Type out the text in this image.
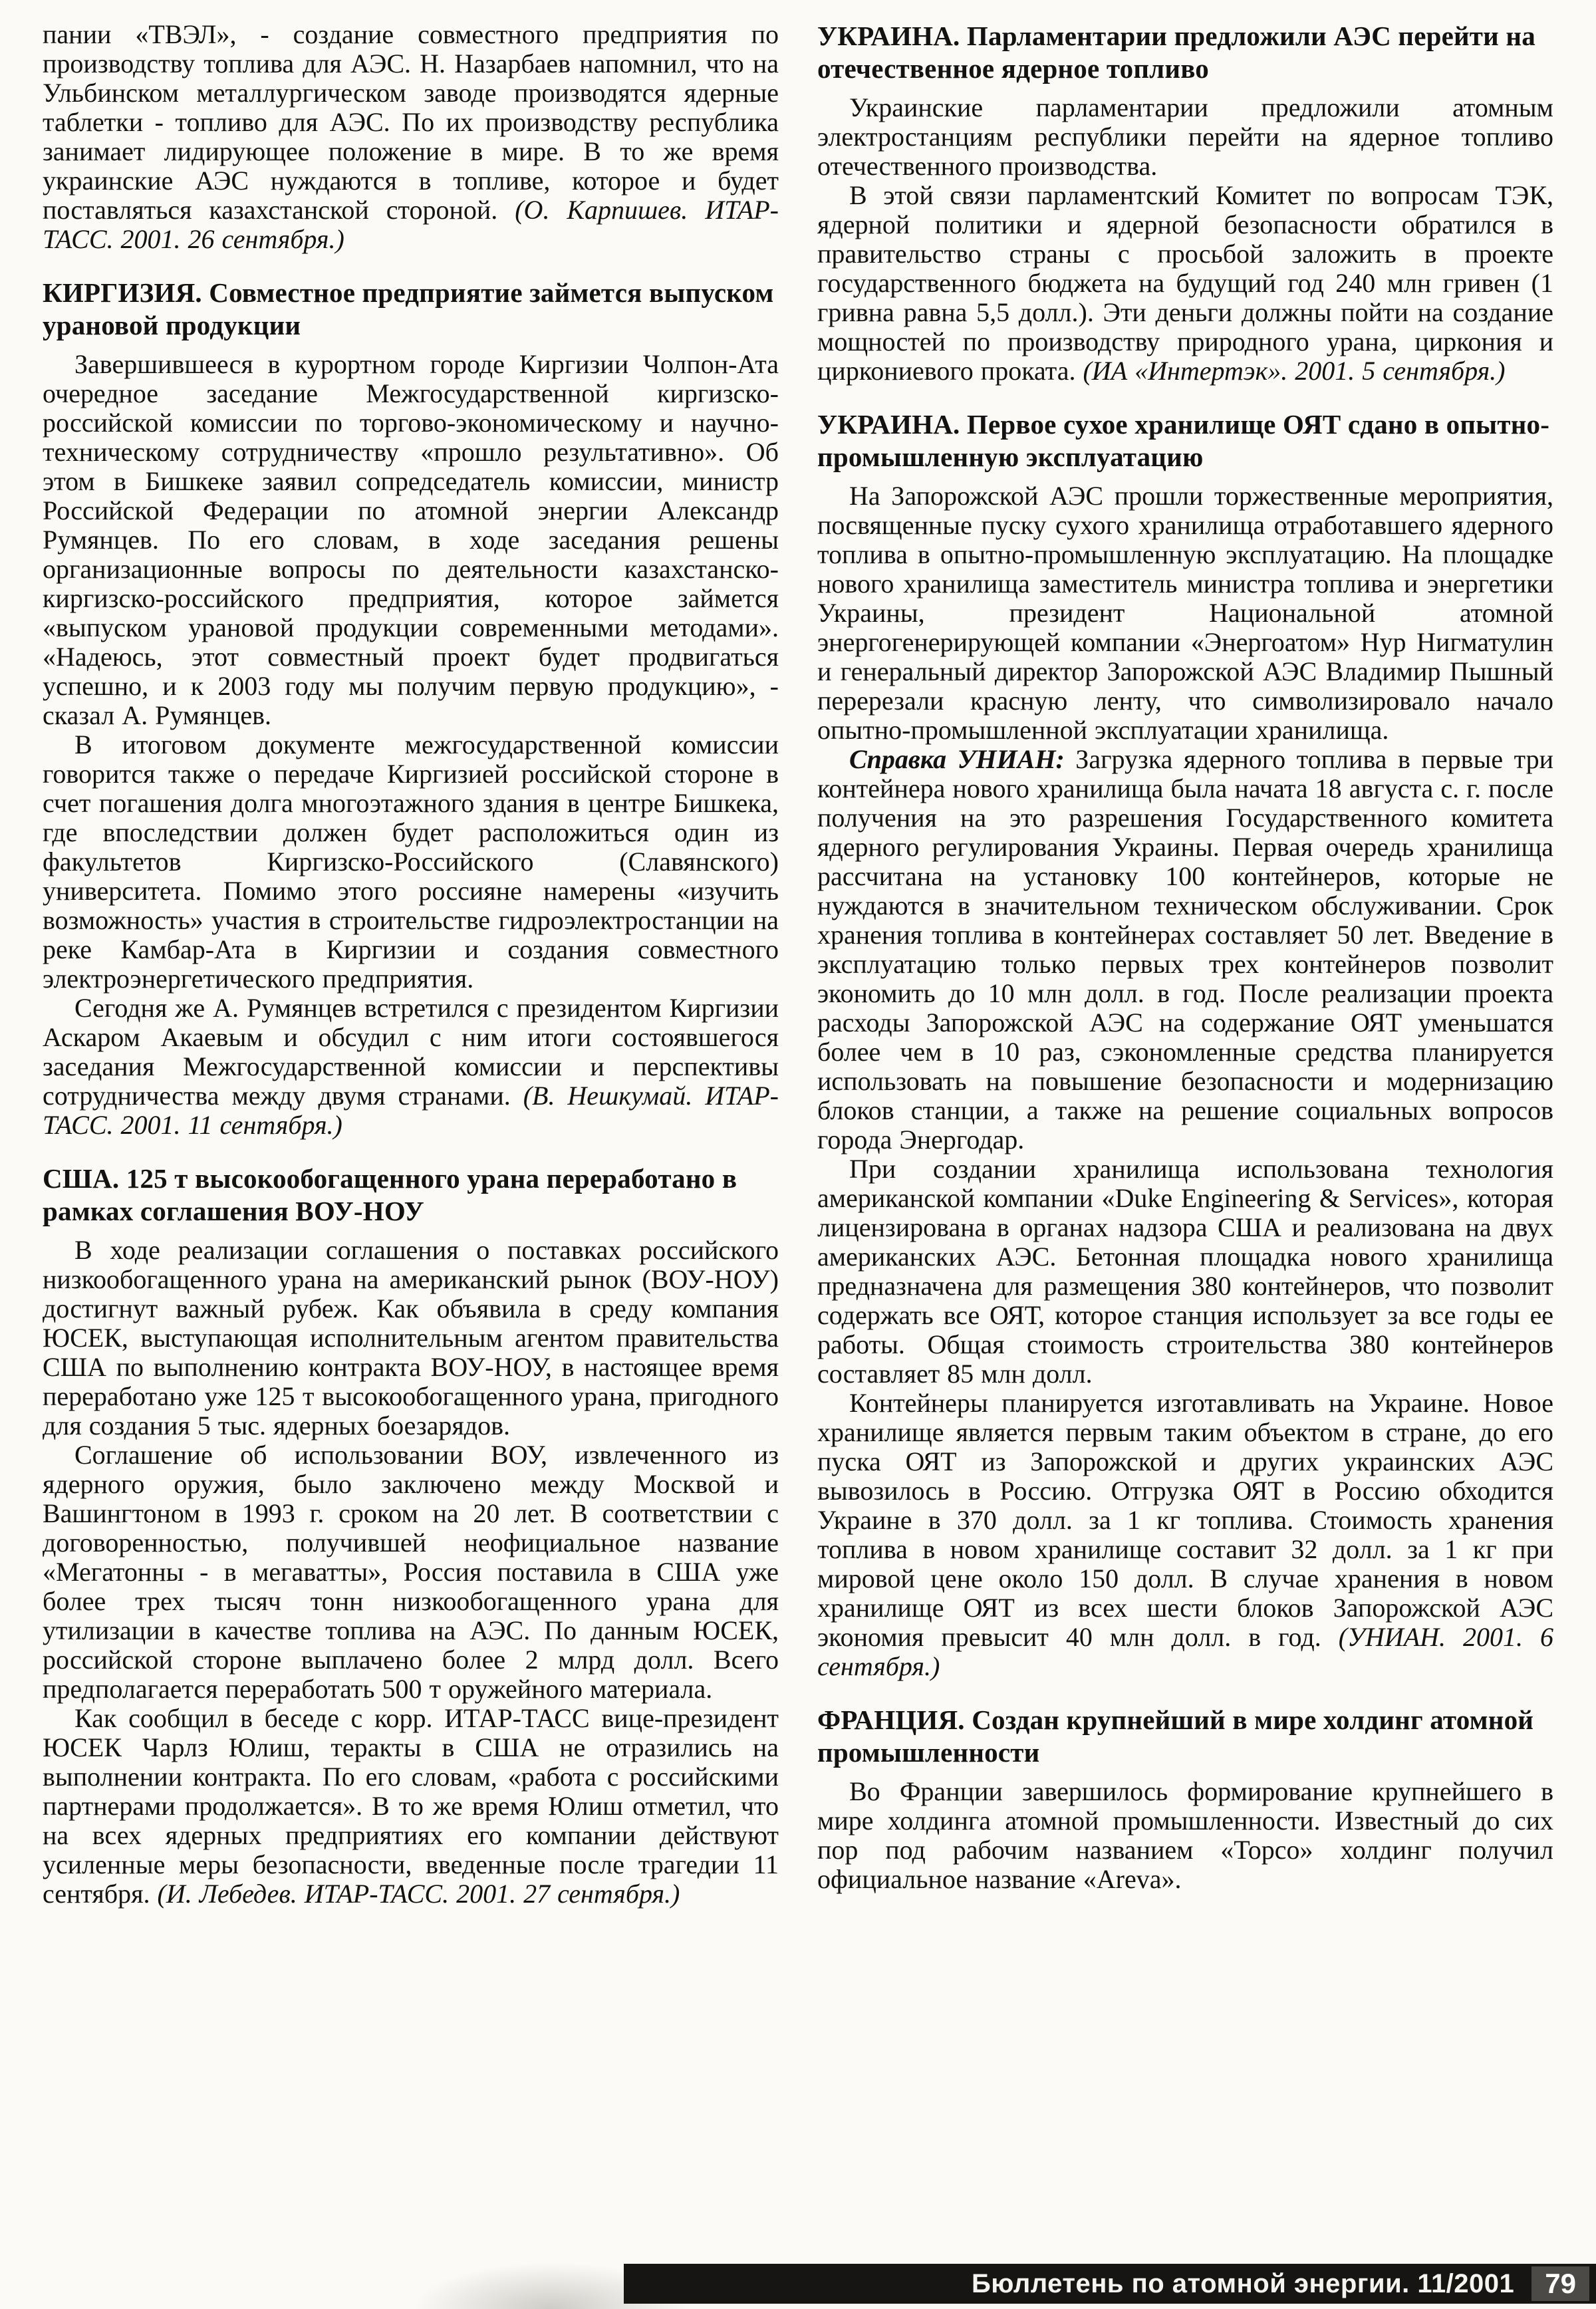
пании «ТВЭЛ», - создание совместного предприятия по производству топлива для АЭС. Н. Назарбаев напомнил, что на Ульбинском металлургическом заводе производятся ядерные таблетки - топливо для АЭС. По их производству республика занимает лидирующее положение в мире. В то же время украинские АЭС нуждаются в топливе, которое и будет поставляться казахстанской стороной. (О. Карпишев. ИТАР-ТАСС. 2001. 26 сентября.)

КИРГИЗИЯ. Совместное предприятие займется выпуском урановой продукции

Завершившееся в курортном городе Киргизии Чолпон-Ата очередное заседание Межгосударственной киргизско-российской комиссии по торгово-экономическому и научно-техническому сотрудничеству «прошло результативно». Об этом в Бишкеке заявил сопредседатель комиссии, министр Российской Федерации по атомной энергии Александр Румянцев. По его словам, в ходе заседания решены организационные вопросы по деятельности казахстанско-киргизско-российского предприятия, которое займется «выпуском урановой продукции современными методами». «Надеюсь, этот совместный проект будет продвигаться успешно, и к 2003 году мы получим первую продукцию», - сказал А. Румянцев.

В итоговом документе межгосударственной комиссии говорится также о передаче Киргизией российской стороне в счет погашения долга многоэтажного здания в центре Бишкека, где впоследствии должен будет расположиться один из факультетов Киргизско-Российского (Славянского) университета. Помимо этого россияне намерены «изучить возможность» участия в строительстве гидроэлектростанции на реке Камбар-Ата в Киргизии и создания совместного электроэнергетического предприятия.

Сегодня же А. Румянцев встретился с президентом Киргизии Аскаром Акаевым и обсудил с ним итоги состоявшегося заседания Межгосударственной комиссии и перспективы сотрудничества между двумя странами. (В. Нешкумай. ИТАР-ТАСС. 2001. 11 сентября.)

США. 125 т высокообогащенного урана переработано в рамках соглашения ВОУ-НОУ

В ходе реализации соглашения о поставках российского низкообогащенного урана на американский рынок (ВОУ-НОУ) достигнут важный рубеж. Как объявила в среду компания ЮСЕК, выступающая исполнительным агентом правительства США по выполнению контракта ВОУ-НОУ, в настоящее время переработано уже 125 т высокообогащенного урана, пригодного для создания 5 тыс. ядерных боезарядов.

Соглашение об использовании ВОУ, извлеченного из ядерного оружия, было заключено между Москвой и Вашингтоном в 1993 г. сроком на 20 лет. В соответствии с договоренностью, получившей неофициальное название «Мегатонны - в мегаватты», Россия поставила в США уже более трех тысяч тонн низкообогащенного урана для утилизации в качестве топлива на АЭС. По данным ЮСЕК, российской стороне выплачено более 2 млрд долл. Всего предполагается переработать 500 т оружейного материала.

Как сообщил в беседе с корр. ИТАР-ТАСС вице-президент ЮСЕК Чарлз Юлиш, теракты в США не отразились на выполнении контракта. По его словам, «работа с российскими партнерами продолжается». В то же время Юлиш отметил, что на всех ядерных предприятиях его компании действуют усиленные меры безопасности, введенные после трагедии 11 сентября. (И. Лебедев. ИТАР-ТАСС. 2001. 27 сентября.)

УКРАИНА. Парламентарии предложили АЭС перейти на отечественное ядерное топливо

Украинские парламентарии предложили атомным электростанциям республики перейти на ядерное топливо отечественного производства.

В этой связи парламентский Комитет по вопросам ТЭК, ядерной политики и ядерной безопасности обратился в правительство страны с просьбой заложить в проекте государственного бюджета на будущий год 240 млн гривен (1 гривна равна 5,5 долл.). Эти деньги должны пойти на создание мощностей по производству природного урана, циркония и циркониевого проката. (ИА «Интертэк». 2001. 5 сентября.)

УКРАИНА. Первое сухое хранилище ОЯТ сдано в опытно-промышленную эксплуатацию

На Запорожской АЭС прошли торжественные мероприятия, посвященные пуску сухого хранилища отработавшего ядерного топлива в опытно-промышленную эксплуатацию. На площадке нового хранилища заместитель министра топлива и энергетики Украины, президент Национальной атомной энергогенерирующей компании «Энергоатом» Нур Нигматулин и генеральный директор Запорожской АЭС Владимир Пышный перерезали красную ленту, что символизировало начало опытно-промышленной эксплуатации хранилища.

Справка УНИАН: Загрузка ядерного топлива в первые три контейнера нового хранилища была начата 18 августа с. г. после получения на это разрешения Государственного комитета ядерного регулирования Украины. Первая очередь хранилища рассчитана на установку 100 контейнеров, которые не нуждаются в значительном техническом обслуживании. Срок хранения топлива в контейнерах составляет 50 лет. Введение в эксплуатацию только первых трех контейнеров позволит экономить до 10 млн долл. в год. После реализации проекта расходы Запорожской АЭС на содержание ОЯТ уменьшатся более чем в 10 раз, сэкономленные средства планируется использовать на повышение безопасности и модернизацию блоков станции, а также на решение социальных вопросов города Энергодар.

При создании хранилища использована технология американской компании «Duke Engineering & Services», которая лицензирована в органах надзора США и реализована на двух американских АЭС. Бетонная площадка нового хранилища предназначена для размещения 380 контейнеров, что позволит содержать все ОЯТ, которое станция использует за все годы ее работы. Общая стоимость строительства 380 контейнеров составляет 85 млн долл.

Контейнеры планируется изготавливать на Украине. Новое хранилище является первым таким объектом в стране, до его пуска ОЯТ из Запорожской и других украинских АЭС вывозилось в Россию. Отгрузка ОЯТ в Россию обходится Украине в 370 долл. за 1 кг топлива. Стоимость хранения топлива в новом хранилище составит 32 долл. за 1 кг при мировой цене около 150 долл. В случае хранения в новом хранилище ОЯТ из всех шести блоков Запорожской АЭС экономия превысит 40 млн долл. в год. (УНИАН. 2001. 6 сентября.)

ФРАНЦИЯ. Создан крупнейший в мире холдинг атомной промышленности

Во Франции завершилось формирование крупнейшего в мире холдинга атомной промышленности. Известный до сих пор под рабочим названием «Торсо» холдинг получил официальное название «Areva».

Бюллетень по атомной энергии. 11/2001	79
